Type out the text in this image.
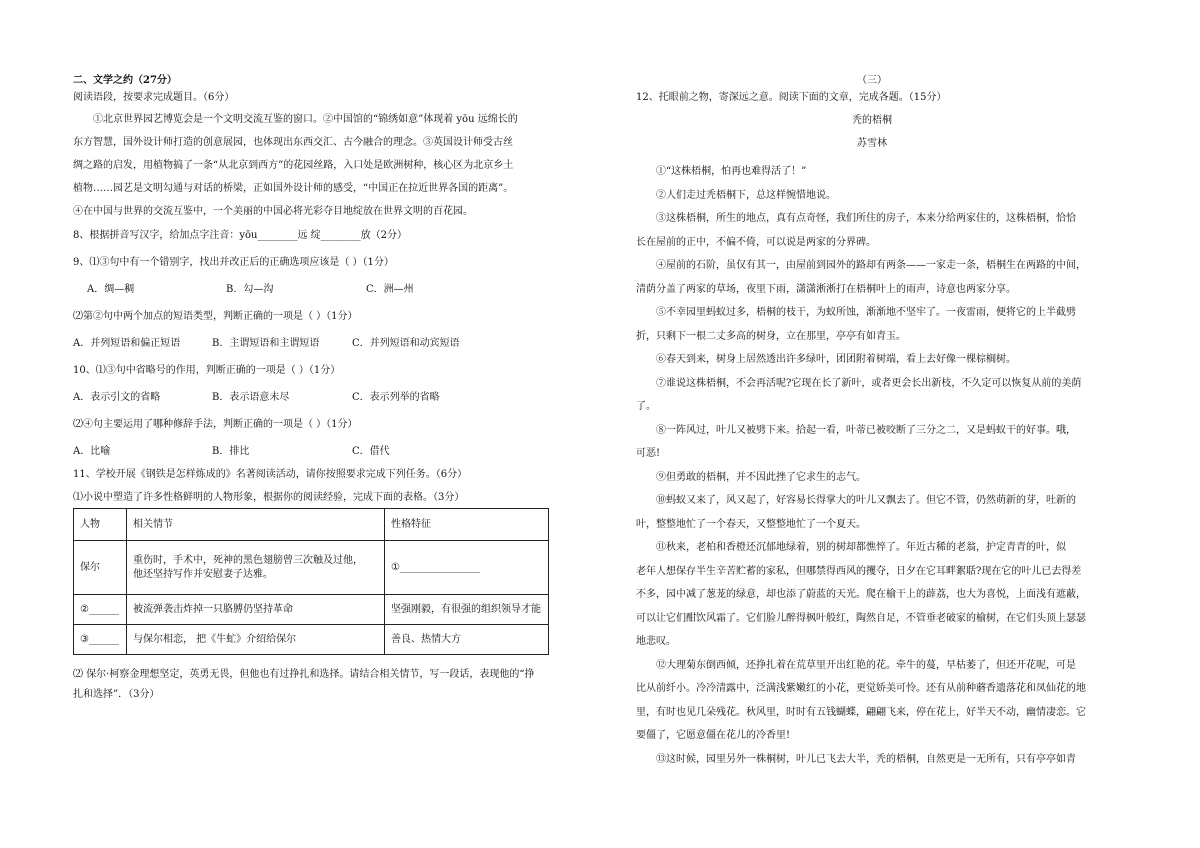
二、文学之约（27分）

阅读语段，按要求完成题目。（6分）

①北京世界园艺博览会是一个文明交流互鉴的窗口。②中国馆的“锦绣如意”体现着 yōu 远绵长的

东方智慧，国外设计师打造的创意展园，也体现出东西交汇、古今融合的理念。③英国设计师受古丝

绸之路的启发，用植物搞了一条“从北京到西方”的花园丝路，入口处是欧洲树种，核心区为北京乡土

植物……园艺是文明勾通与对话的桥梁，正如国外设计师的感受，“中国正在拉近世界各国的距离”。

④在中国与世界的交流互鉴中，一个美丽的中国必将光彩夺目地绽放在世界文明的百花园。

8、根据拼音写汉字，给加点字注音：yōu________远 绽________放（2分）

9、⑴③句中有一个错别字，找出并改正后的正确选项应该是（ ）（1分）

A．绸—稠	B．勾—沟	C．洲—州

⑵第②句中两个加点的短语类型，判断正确的一项是（ ）（1分）

A．并列短语和偏正短语	B．主谓短语和主谓短语	C．并列短语和动宾短语

10、⑴③句中省略号的作用，判断正确的一项是（ ）（1分）

A．表示引文的省略	B．表示语意未尽	C．表示列举的省略

⑵④句主要运用了哪种修辞手法，判断正确的一项是（ ）（1分）

A．比喻	B．排比	C．借代

11、学校开展《钢铁是怎样炼成的》名著阅读活动，请你按照要求完成下列任务。（6分）

⑴小说中塑造了许多性格鲜明的人物形象，根据你的阅读经验，完成下面的表格。（3分）

人物	相关情节	性格特征
保尔	重伤时，手术中，死神的黑色翅膀曾三次触及过他，
他还坚持写作并安慰妻子达雅。	①________________
②______	被流弹袭击炸掉一只胳膊仍坚持革命	坚强刚毅，有很强的组织领导才能
③______	与保尔相恋， 把《牛虻》介绍给保尔	善良、热情大方

⑵ 保尔·柯察金理想坚定，英勇无畏，但他也有过挣扎和选择。请结合相关情节，写一段话，表现他的“挣

扎和选择”．（3分）

（三）

12、托眼前之物，寄深远之意。阅读下面的文章，完成各题。（15分）

秃的梧桐

苏雪林

①“这株梧桐，怕再也难得活了！”

②人们走过秃梧桐下，总这样惋惜地说。

③这株梧桐，所生的地点，真有点奇怪，我们所住的房子，本来分给两家住的，这株梧桐，恰恰

长在屋前的正中，不偏不倚，可以说是两家的分界碑。

④屋前的石阶，虽仅有其一，由屋前到园外的路却有两条——一家走一条，梧桐生在两路的中间，

清荫分盖了两家的草场，夜里下雨，潇潇淅淅打在梧桐叶上的雨声，诗意也两家分享。

⑤不幸园里蚂蚁过多，梧桐的枝干，为蚁所蚀，渐渐地不坚牢了。一夜雷雨，便将它的上半截劈

折，只剩下一根二丈多高的树身，立在那里，亭亭有如青玉。

⑥春天到来，树身上居然透出许多绿叶，团团附着树端，看上去好像一棵棕榈树。

⑦谁说这株梧桐，不会再活呢?它现在长了新叶，或者更会长出新枝，不久定可以恢复从前的美荫

了。

⑧一阵风过，叶儿又被劈下来。拾起一看，叶蒂已被咬断了三分之二，又是蚂蚁干的好事。哦，

可恶!

⑨但勇敢的梧桐，并不因此挫了它求生的志气。

⑩蚂蚁又来了，风又起了，好容易长得掌大的叶儿又飘去了。但它不管，仍然萌新的芽，吐新的

叶，整整地忙了一个春天，又整整地忙了一个夏天。

⑪秋来，老柏和香橙还沉郁地绿着，别的树却都憔悴了。年近古稀的老翁，护定青青的叶，似

老年人想保存半生辛苦贮蓄的家私，但哪禁得西风的攫夺，日夕在它耳畔絮聒?现在它的叶儿已去得差

不多，园中减了葱茏的绿意，却也添了蔚蓝的天光。爬在榆干上的薜荔，也大为喜悦，上面浅有遮蔽，

可以让它们酣饮风霜了。它们脸儿醉得枫叶般红，陶然自足，不管垂老破家的榆树，在它们头顶上瑟瑟

地悲叹。

⑫大理菊东倒西倾，还挣扎着在荒草里开出红艳的花。牵牛的蔓，早枯萎了，但还开花呢，可是

比从前纤小。冷冷清露中，泛满浅紫嫩红的小花，更觉娇美可怜。还有从前种蘑香遗落花和凤仙花的地

里，有时也见几朵残花。秋风里，时时有五钱蝴蝶，翩翩飞来，停在花上，好半天不动，幽情凄恋。它

要僵了，它愿意僵在花儿的冷香里!

⑬这时候，园里另外一株桐树，叶儿已飞去大半，秃的梧桐，自然更是一无所有，只有亭亭如青
